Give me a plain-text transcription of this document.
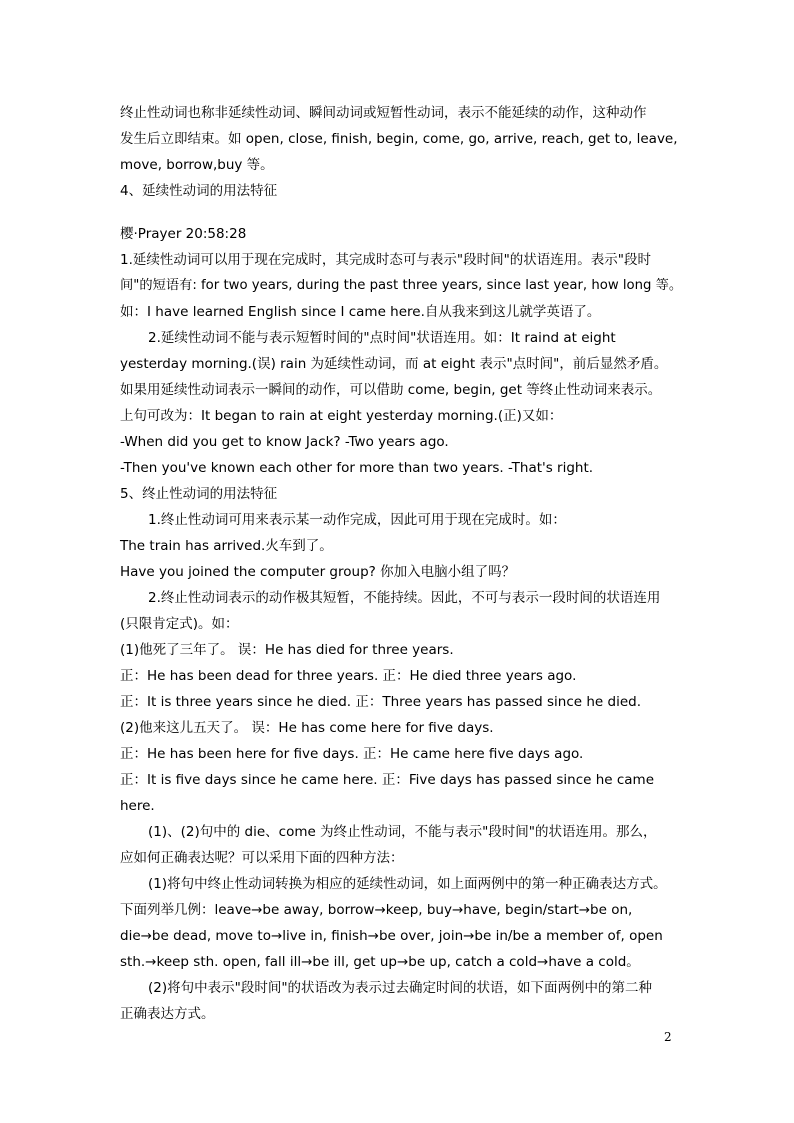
终止性动词也称非延续性动词、瞬间动词或短暂性动词，表示不能延续的动作，这种动作
发生后立即结束。如 open, close, finish, begin, come, go, arrive, reach, get to, leave,
move, borrow,buy 等。
4、延续性动词的用法特征
樱·Prayer 20:58:28
1.延续性动词可以用于现在完成时，其完成时态可与表示"段时间"的状语连用。表示"段时
间"的短语有: for two years, during the past three years, since last year, how long 等。
如：I have learned English since I came here.自从我来到这儿就学英语了。
2.延续性动词不能与表示短暂时间的"点时间"状语连用。如：It raind at eight
yesterday morning.(误) rain 为延续性动词，而 at eight 表示"点时间"，前后显然矛盾。
如果用延续性动词表示一瞬间的动作，可以借助 come, begin, get 等终止性动词来表示。
上句可改为：It began to rain at eight yesterday morning.(正)又如：
-When did you get to know Jack? -Two years ago.
-Then you've known each other for more than two years. -That's right.
5、终止性动词的用法特征
1.终止性动词可用来表示某一动作完成，因此可用于现在完成时。如：
The train has arrived.火车到了。
Have you joined the computer group? 你加入电脑小组了吗？
2.终止性动词表示的动作极其短暂，不能持续。因此，不可与表示一段时间的状语连用
(只限肯定式)。如：
(1)他死了三年了。 误：He has died for three years.
正：He has been dead for three years. 正：He died three years ago.
正：It is three years since he died. 正：Three years has passed since he died.
(2)他来这儿五天了。 误：He has come here for five days.
正：He has been here for five days. 正：He came here five days ago.
正：It is five days since he came here. 正：Five days has passed since he came
here.
(1)、(2)句中的 die、come 为终止性动词，不能与表示"段时间"的状语连用。那么，
应如何正确表达呢？可以采用下面的四种方法：
(1)将句中终止性动词转换为相应的延续性动词，如上面两例中的第一种正确表达方式。
下面列举几例：leave→be away, borrow→keep, buy→have, begin/start→be on,
die→be dead, move to→live in, finish→be over, join→be in/be a member of, open
sth.→keep sth. open, fall ill→be ill, get up→be up, catch a cold→have a cold。
(2)将句中表示"段时间"的状语改为表示过去确定时间的状语，如下面两例中的第二种
正确表达方式。
2
